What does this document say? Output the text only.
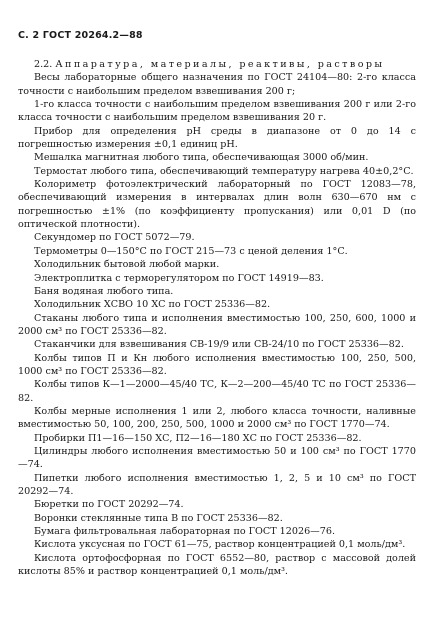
С. 2 ГОСТ 20264.2—88

2.2. Аппаратура, материалы, реактивы, растворы

Весы лабораторные общего назначения по ГОСТ 24104—80: 2-го класса точности с наибольшим пределом взвешивания 200 г;

1-го класса точности с наибольшим пределом взвешивания 200 г или 2-го класса точности с наибольшим пределом взвешивания 20 г.

Прибор для определения pH среды в диапазоне от 0 до 14 с погрешностью измерения ±0,1 единиц pH.

Мешалка магнитная любого типа, обеспечивающая 3000 об/мин.

Термостат любого типа, обеспечивающий температуру нагрева 40±0,2°С.

Колориметр фотоэлектрический лабораторный по ГОСТ 12083—78, обеспечивающий измерения в интервалах длин волн 630—670 нм с погрешностью ±1% (по коэффициенту пропускания) или 0,01 D (по оптической плотности).

Секундомер по ГОСТ 5072—79.

Термометры 0—150°С по ГОСТ 215—73 с ценой деления 1°С.

Холодильник бытовой любой марки.

Электроплитка с терморегулятором по ГОСТ 14919—83.

Баня водяная любого типа.

Холодильник ХСВО 10 ХС по ГОСТ 25336—82.

Стаканы любого типа и исполнения вместимостью 100, 250, 600, 1000 и 2000 см³ по ГОСТ 25336—82.

Стаканчики для взвешивания СВ-19/9 или СВ-24/10 по ГОСТ 25336—82.

Колбы типов П и Кн любого исполнения вместимостью 100, 250, 500, 1000 см³ по ГОСТ 25336—82.

Колбы типов К—1—2000—45/40 ТС, К—2—200—45/40 ТС по ГОСТ 25336—82.

Колбы мерные исполнения 1 или 2, любого класса точности, наливные вместимостью 50, 100, 200, 250, 500, 1000 и 2000 см³ по ГОСТ 1770—74.

Пробирки П1—16—150 ХС, П2—16—180 ХС по ГОСТ 25336—82.

Цилиндры любого исполнения вместимостью 50 и 100 см³ по ГОСТ 1770—74.

Пипетки любого исполнения вместимостью 1, 2, 5 и 10 см³ по ГОСТ 20292—74.

Бюретки по ГОСТ 20292—74.

Воронки стеклянные типа В по ГОСТ 25336—82.

Бумага фильтровальная лабораторная по ГОСТ 12026—76.

Кислота уксусная по ГОСТ 61—75, раствор концентрацией 0,1 моль/дм³.

Кислота ортофосфорная по ГОСТ 6552—80, раствор с массовой долей кислоты 85% и раствор концентрацией 0,1 моль/дм³.
